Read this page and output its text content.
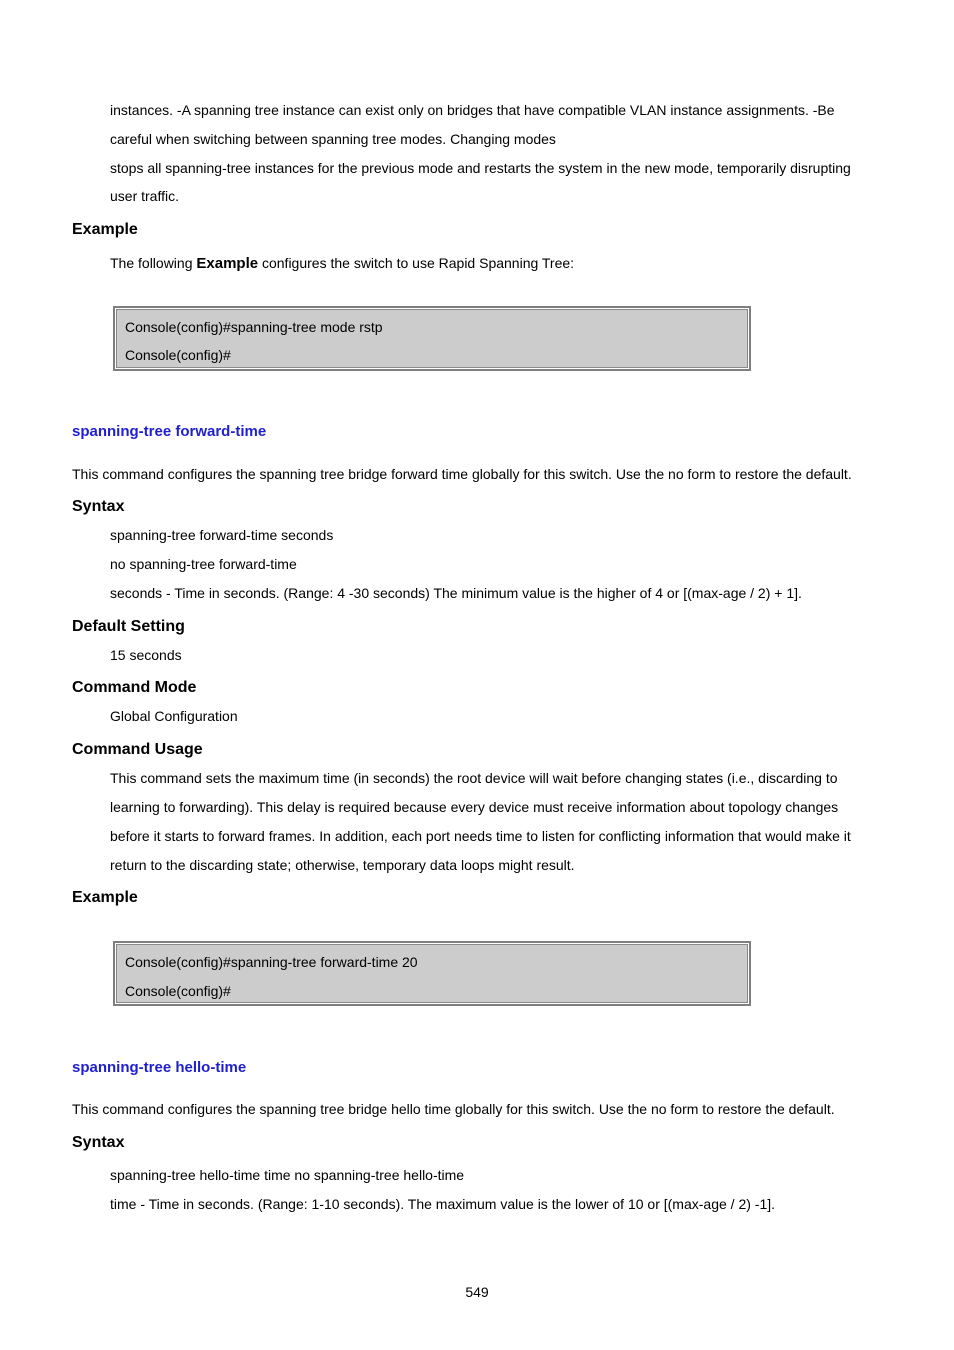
instances. -A spanning tree instance can exist only on bridges that have compatible VLAN instance assignments. -Be
careful when switching between spanning tree modes. Changing modes
stops all spanning-tree instances for the previous mode and restarts the system in the new mode, temporarily disrupting
user traffic.
Example
The following Example configures the switch to use Rapid Spanning Tree:
Console(config)#spanning-tree mode rstp
Console(config)#
spanning-tree forward-time
This command configures the spanning tree bridge forward time globally for this switch. Use the no form to restore the default.
Syntax
spanning-tree forward-time seconds
no spanning-tree forward-time
seconds - Time in seconds. (Range: 4 -30 seconds) The minimum value is the higher of 4 or [(max-age / 2) + 1].
Default Setting
15 seconds
Command Mode
Global Configuration
Command Usage
This command sets the maximum time (in seconds) the root device will wait before changing states (i.e., discarding to
learning to forwarding). This delay is required because every device must receive information about topology changes
before it starts to forward frames. In addition, each port needs time to listen for conflicting information that would make it
return to the discarding state; otherwise, temporary data loops might result.
Example
Console(config)#spanning-tree forward-time 20
Console(config)#
spanning-tree hello-time
This command configures the spanning tree bridge hello time globally for this switch. Use the no form to restore the default.
Syntax
spanning-tree hello-time time no spanning-tree hello-time
time - Time in seconds. (Range: 1-10 seconds). The maximum value is the lower of 10 or [(max-age / 2) -1].
549
